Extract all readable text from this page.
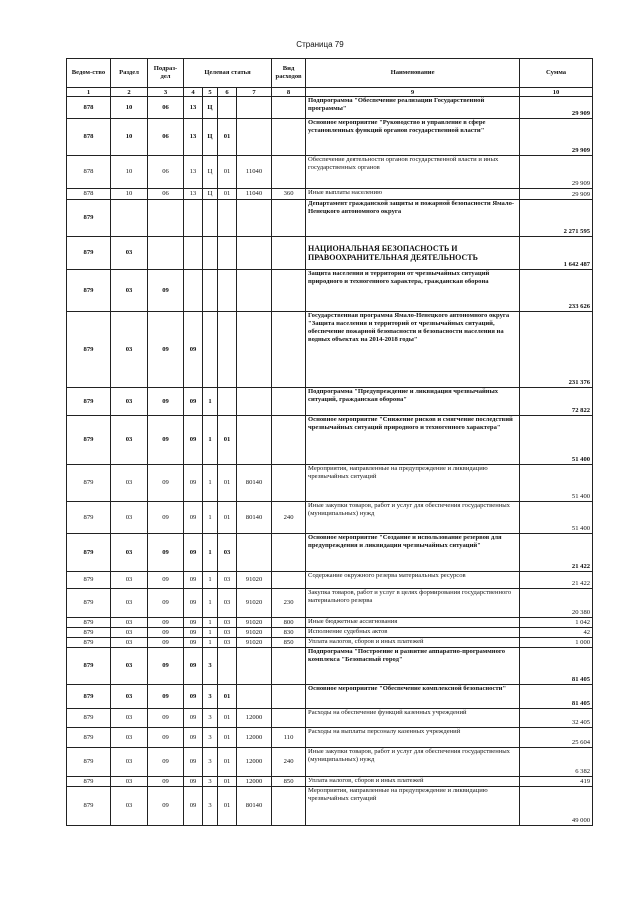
Страница 79
Ведом-ство	Раздел	Подраз-дел	Целевая статья				Вид расходов	Наименование	Сумма
1	2	3	4	5	6	7	8	9	10
878	10	06	13	Ц				Подпрограмма "Обеспечение реализации Государственной программы"	29 909
878	10	06	13	Ц	01			Основное мероприятие "Руководство и управление в сфере установленных функций органов государственной власти"	29 909
878	10	06	13	Ц	01	11040		Обеспечение деятельности органов государственной власти и иных государственных органов	29 909
878	10	06	13	Ц	01	11040	360	Иные выплаты населению	29 909
879								Департамент гражданской защиты и пожарной безопасности Ямало-Ненецкого автономного округа	2 271 595
879	03							НАЦИОНАЛЬНАЯ БЕЗОПАСНОСТЬ И ПРАВООХРАНИТЕЛЬНАЯ ДЕЯТЕЛЬНОСТЬ	1 642 487
879	03	09						Защита населения и территории от чрезвычайных ситуаций природного и техногенного характера, гражданская оборона	233 626
879	03	09	09					Государственная программа Ямало-Ненецкого автономного округа "Защита населения и территорий от чрезвычайных ситуаций, обеспечение пожарной безопасности и безопасности населения на водных объектах на 2014-2018 годы"	231 376
879	03	09	09	1				Подпрограмма "Предупреждение и ликвидация чрезвычайных ситуаций, гражданская оборона"	72 822
879	03	09	09	1	01			Основное мероприятие "Снижение рисков и смягчение последствий чрезвычайных ситуаций природного и техногенного характера"	51 400
879	03	09	09	1	01	80140		Мероприятия, направленные на предупреждение и ликвидацию чрезвычайных ситуаций	51 400
879	03	09	09	1	01	80140	240	Иные закупки товаров, работ и услуг для обеспечения государственных (муниципальных) нужд	51 400
879	03	09	09	1	03			Основное мероприятие "Создание и использование резервов для предупреждения и ликвидации чрезвычайных ситуаций"	21 422
879	03	09	09	1	03	91020		Содержание окружного резерва материальных ресурсов	21 422
879	03	09	09	1	03	91020	230	Закупка товаров, работ и услуг в целях формирования государственного материального резерва	20 380
879	03	09	09	1	03	91020	800	Иные бюджетные ассигнования	1 042
879	03	09	09	1	03	91020	830	Исполнение судебных актов	42
879	03	09	09	1	03	91020	850	Уплата налогов, сборов и иных платежей	1 000
879	03	09	09	3				Подпрограмма "Построение и развитие аппаратно-программного комплекса "Безопасный город"	81 405
879	03	09	09	3	01			Основное мероприятие "Обеспечение комплексной безопасности"	81 405
879	03	09	09	3	01	12000		Расходы на обеспечение функций казенных учреждений	32 405
879	03	09	09	3	01	12000	110	Расходы на выплаты персоналу казенных учреждений	25 604
879	03	09	09	3	01	12000	240	Иные закупки товаров, работ и услуг для обеспечения государственных (муниципальных) нужд	6 382
879	03	09	09	3	01	12000	850	Уплата налогов, сборов и иных платежей	419
879	03	09	09	3	01	80140		Мероприятия, направленные на предупреждение и ликвидацию чрезвычайных ситуаций	49 000
